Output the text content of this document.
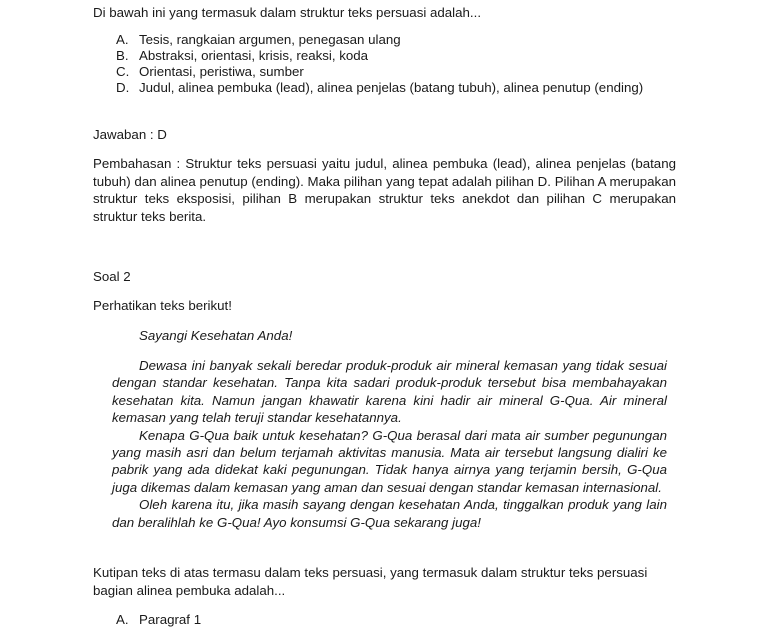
Di bawah ini yang termasuk dalam struktur teks persuasi adalah...

A. Tesis, rangkaian argumen, penegasan ulang
B. Abstraksi, orientasi, krisis, reaksi, koda
C. Orientasi, peristiwa, sumber
D. Judul, alinea pembuka (lead), alinea penjelas (batang tubuh), alinea penutup (ending)

Jawaban : D

Pembahasan : Struktur teks persuasi yaitu judul, alinea pembuka (lead), alinea penjelas (batang tubuh) dan alinea penutup (ending). Maka pilihan yang tepat adalah pilihan D. Pilihan A merupakan struktur teks eksposisi, pilihan B merupakan struktur teks anekdot dan pilihan C merupakan struktur teks berita.

Soal 2

Perhatikan teks berikut!

Sayangi Kesehatan Anda!

Dewasa ini banyak sekali beredar produk-produk air mineral kemasan yang tidak sesuai dengan standar kesehatan. Tanpa kita sadari produk-produk tersebut bisa membahayakan kesehatan kita. Namun jangan khawatir karena kini hadir air mineral G-Qua. Air mineral kemasan yang telah teruji standar kesehatannya.

Kenapa G-Qua baik untuk kesehatan? G-Qua berasal dari mata air sumber pegunungan yang masih asri dan belum terjamah aktivitas manusia. Mata air tersebut langsung dialiri ke pabrik yang ada didekat kaki pegunungan. Tidak hanya airnya yang terjamin bersih, G-Qua juga dikemas dalam kemasan yang aman dan sesuai dengan standar kemasan internasional.

Oleh karena itu, jika masih sayang dengan kesehatan Anda, tinggalkan produk yang lain dan beralihlah ke G-Qua! Ayo konsumsi G-Qua sekarang juga!

Kutipan teks di atas termasu dalam teks persuasi, yang termasuk dalam struktur teks persuasi bagian alinea pembuka adalah...

A. Paragraf 1
